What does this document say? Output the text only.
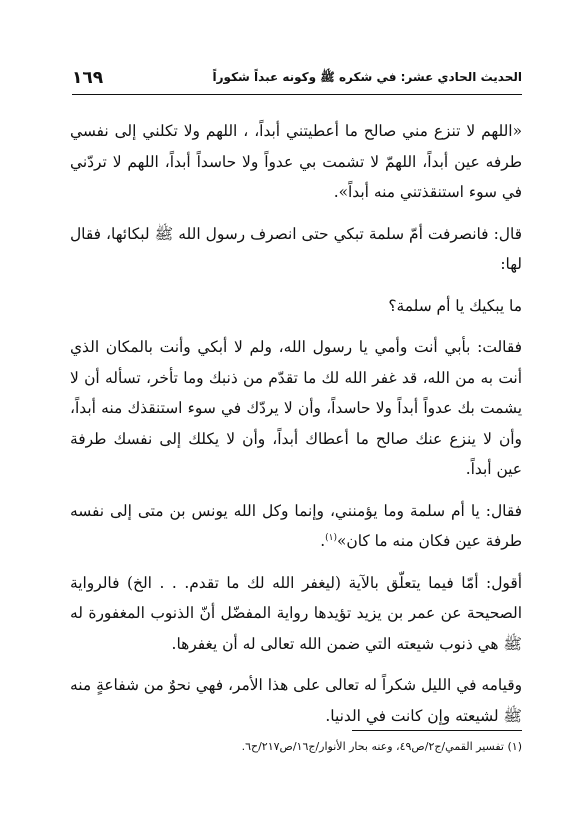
١٦٩	الحديث الحادي عشر: في شكره ﷺ وكونه عبداً شكوراً

«اللهم لا تنزع مني صالح ما أعطيتني أبداً، ، اللهم ولا تكلني إلى نفسي طرفه عين أبداً، اللهمّ لا تشمت بي عدواً ولا حاسداً أبداً، اللهم لا تردّني في سوء استنقذتني منه أبداً».

قال: فانصرفت أمّ سلمة تبكي حتى انصرف رسول الله ﷺ لبكائها، فقال لها:

ما يبكيك يا أم سلمة؟

فقالت: بأبي أنت وأمي يا رسول الله، ولم لا أبكي وأنت بالمكان الذي أنت به من الله، قد غفر الله لك ما تقدّم من ذنبك وما تأخر، تسأله أن لا يشمت بك عدواً أبداً ولا حاسداً، وأن لا يردّك في سوء استنقذك منه أبداً، وأن لا ينزع عنك صالح ما أعطاك أبداً، وأن لا يكلك إلى نفسك طرفة عين أبداً.

فقال: يا أم سلمة وما يؤمنني، وإنما وكل الله يونس بن متى إلى نفسه طرفة عين فكان منه ما كان»$^{(١)}$.

أقول: أمّا فيما يتعلّق بالآية (ليغفر الله لك ما تقدم. . . الخ) فالرواية الصحيحة عن عمر بن يزيد تؤيدها رواية المفضّل أنّ الذنوب المغفورة له ﷺ هي ذنوب شيعته التي ضمن الله تعالى له أن يغفرها.

وقيامه في الليل شكراً له تعالى على هذا الأمر، فهي نحوٌ من شفاعةٍ منه ﷺ لشيعته وإن كانت في الدنيا.

(١) تفسير القمي/ج٢/ص٤٩، وعنه بحار الأنوار/ج١٦/ص٢١٧/ح٦.
